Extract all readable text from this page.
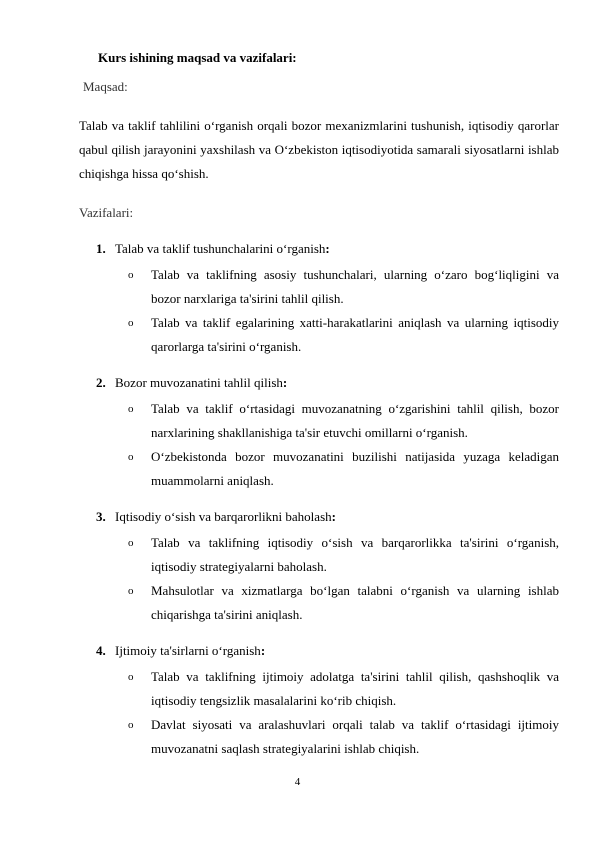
Kurs ishining maqsad va vazifalari:
Maqsad:
Talab va taklif tahlilini o‘rganish orqali bozor mexanizmlarini tushunish, iqtisodiy qarorlar qabul qilish jarayonini yaxshilash va O‘zbekiston iqtisodiyotida samarali siyosatlarni ishlab chiqishga hissa qo‘shish.
Vazifalari:
1. Talab va taklif tushunchalarini o‘rganish:
o	Talab va taklifning asosiy tushunchalari, ularning o‘zaro bog‘liqligini va bozor narxlariga ta'sirini tahlil qilish.
o	Talab va taklif egalarining xatti-harakatlarini aniqlash va ularning iqtisodiy qarorlarga ta'sirini o‘rganish.
2. Bozor muvozanatini tahlil qilish:
o	Talab va taklif o‘rtasidagi muvozanatning o‘zgarishini tahlil qilish, bozor narxlarining shakllanishiga ta'sir etuvchi omillarni o‘rganish.
o	O‘zbekistonda bozor muvozanatini buzilishi natijasida yuzaga keladigan muammolarni aniqlash.
3. Iqtisodiy o‘sish va barqarorlikni baholash:
o	Talab va taklifning iqtisodiy o‘sish va barqarorlikka ta'sirini o‘rganish, iqtisodiy strategiyalarni baholash.
o	Mahsulotlar va xizmatlarga bo‘lgan talabni o‘rganish va ularning ishlab chiqarishga ta'sirini aniqlash.
4. Ijtimoiy ta'sirlarni o‘rganish:
o	Talab va taklifning ijtimoiy adolatga ta'sirini tahlil qilish, qashshoqlik va iqtisodiy tengsizlik masalalarini ko‘rib chiqish.
o	Davlat siyosati va aralashuvlari orqali talab va taklif o‘rtasidagi ijtimoiy muvozanatni saqlash strategiyalarini ishlab chiqish.
4
